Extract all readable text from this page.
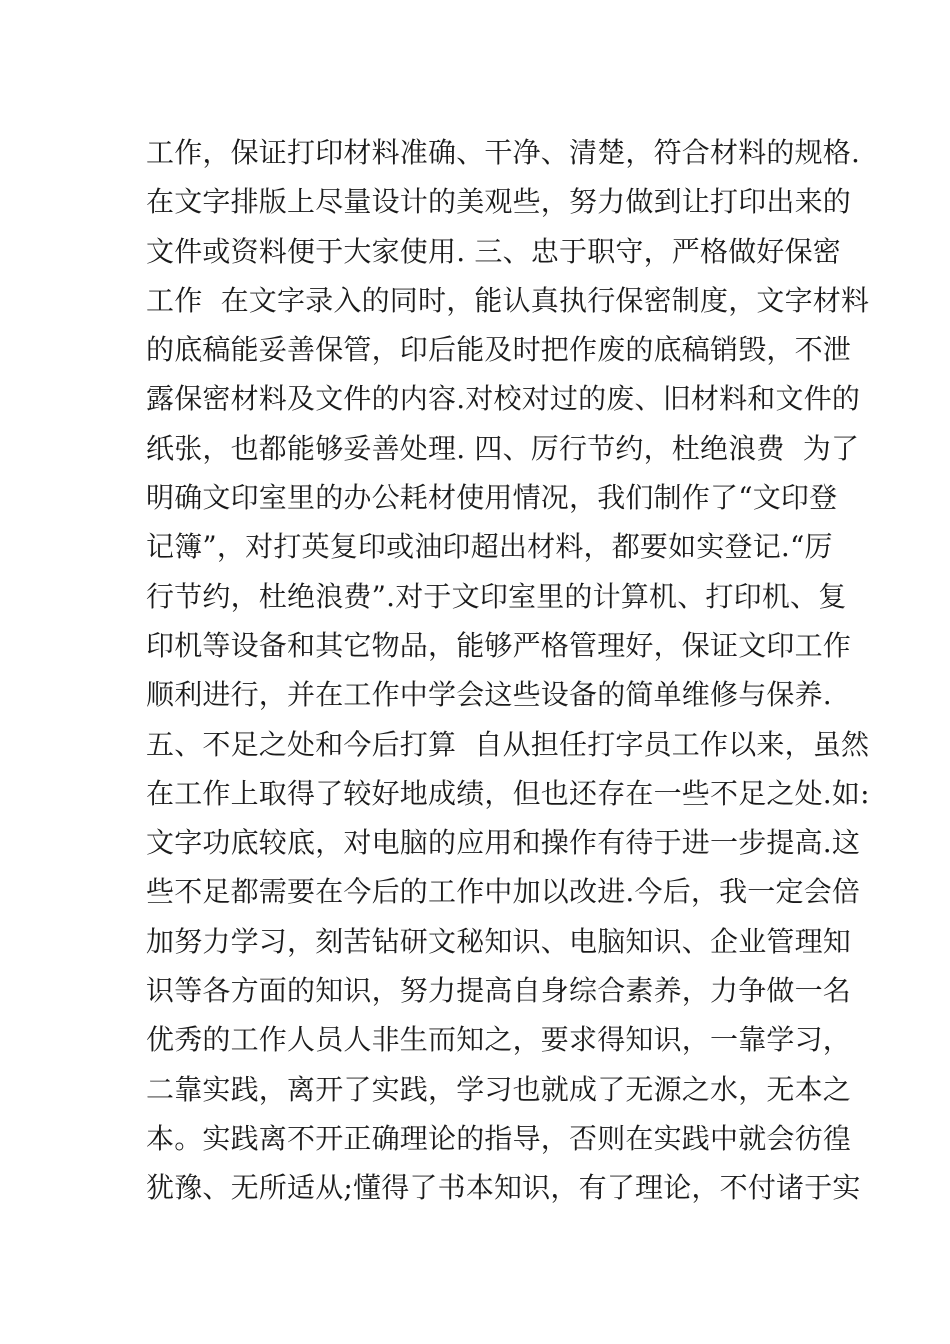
工作，保证打印材料准确、干净、清楚，符合材料的规格.
在文字排版上尽量设计的美观些，努力做到让打印出来的
文件或资料便于大家使用. 三、忠于职守，严格做好保密
工作  在文字录入的同时，能认真执行保密制度，文字材料
的底稿能妥善保管，印后能及时把作废的底稿销毁，不泄
露保密材料及文件的内容.对校对过的废、旧材料和文件的
纸张，也都能够妥善处理. 四、厉行节约，杜绝浪费  为了
明确文印室里的办公耗材使用情况，我们制作了“文印登
记簿”，对打英复印或油印超出材料，都要如实登记.“厉
行节约，杜绝浪费”.对于文印室里的计算机、打印机、复
印机等设备和其它物品，能够严格管理好，保证文印工作
顺利进行，并在工作中学会这些设备的简单维修与保养.
五、不足之处和今后打算  自从担任打字员工作以来，虽然
在工作上取得了较好地成绩，但也还存在一些不足之处.如:
文字功底较底，对电脑的应用和操作有待于进一步提高.这
些不足都需要在今后的工作中加以改进.今后，我一定会倍
加努力学习，刻苦钻研文秘知识、电脑知识、企业管理知
识等各方面的知识，努力提高自身综合素养，力争做一名
优秀的工作人员人非生而知之，要求得知识，一靠学习，
二靠实践，离开了实践，学习也就成了无源之水，无本之
本。实践离不开正确理论的指导，否则在实践中就会彷徨
犹豫、无所适从;懂得了书本知识，有了理论，不付诸于实
